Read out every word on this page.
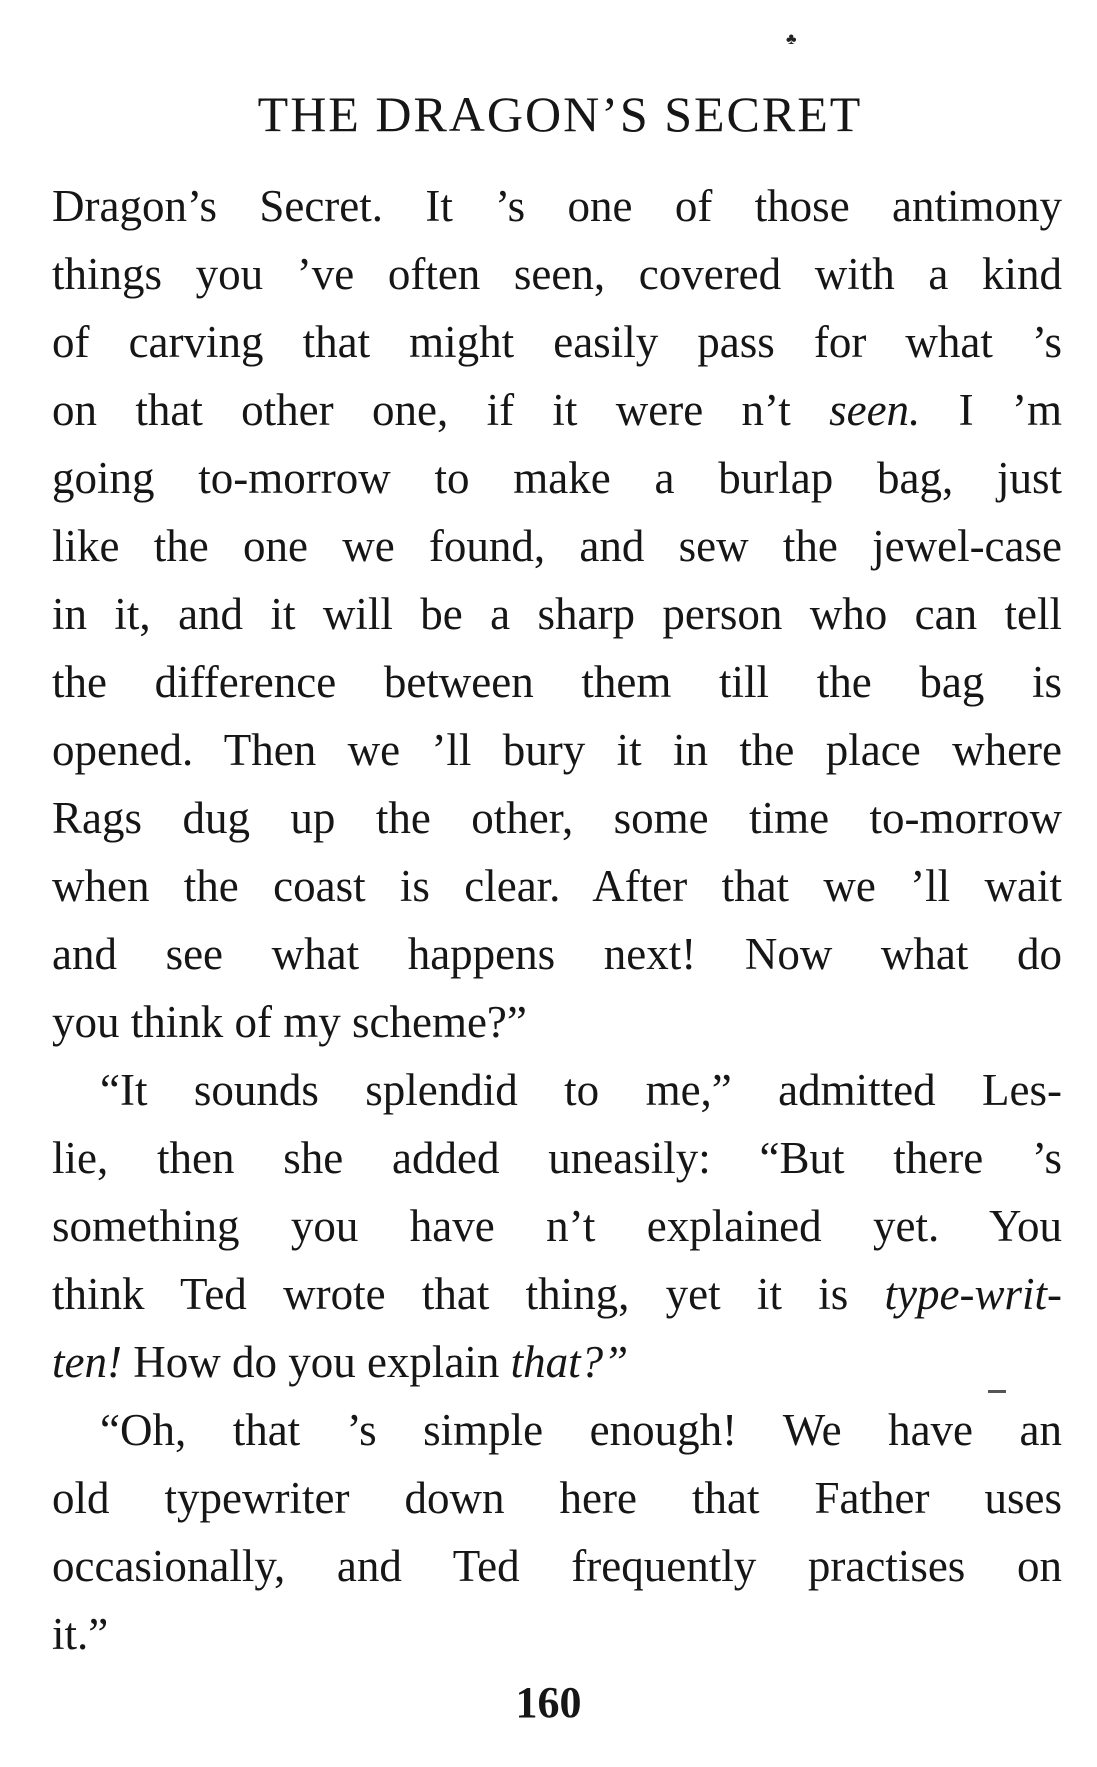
♣
THE DRAGON’S SECRET
Dragon’s Secret. It ’s one of those antimony
things you ’ve often seen, covered with a kind
of carving that might easily pass for what ’s
on that other one, if it were n’t seen. I ’m
going to-morrow to make a burlap bag, just
like the one we found, and sew the jewel-case
in it, and it will be a sharp person who can tell
the difference between them till the bag is
opened. Then we ’ll bury it in the place where
Rags dug up the other, some time to-morrow
when the coast is clear. After that we ’ll wait
and see what happens next! Now what do
you think of my scheme?”
“It sounds splendid to me,” admitted Les-
lie, then she added uneasily: “But there ’s
something you have n’t explained yet. You
think Ted wrote that thing, yet it is type-writ-
ten! How do you explain that?”
“Oh, that ’s simple enough! We have an
old typewriter down here that Father uses
occasionally, and Ted frequently practises on
it.”
160
